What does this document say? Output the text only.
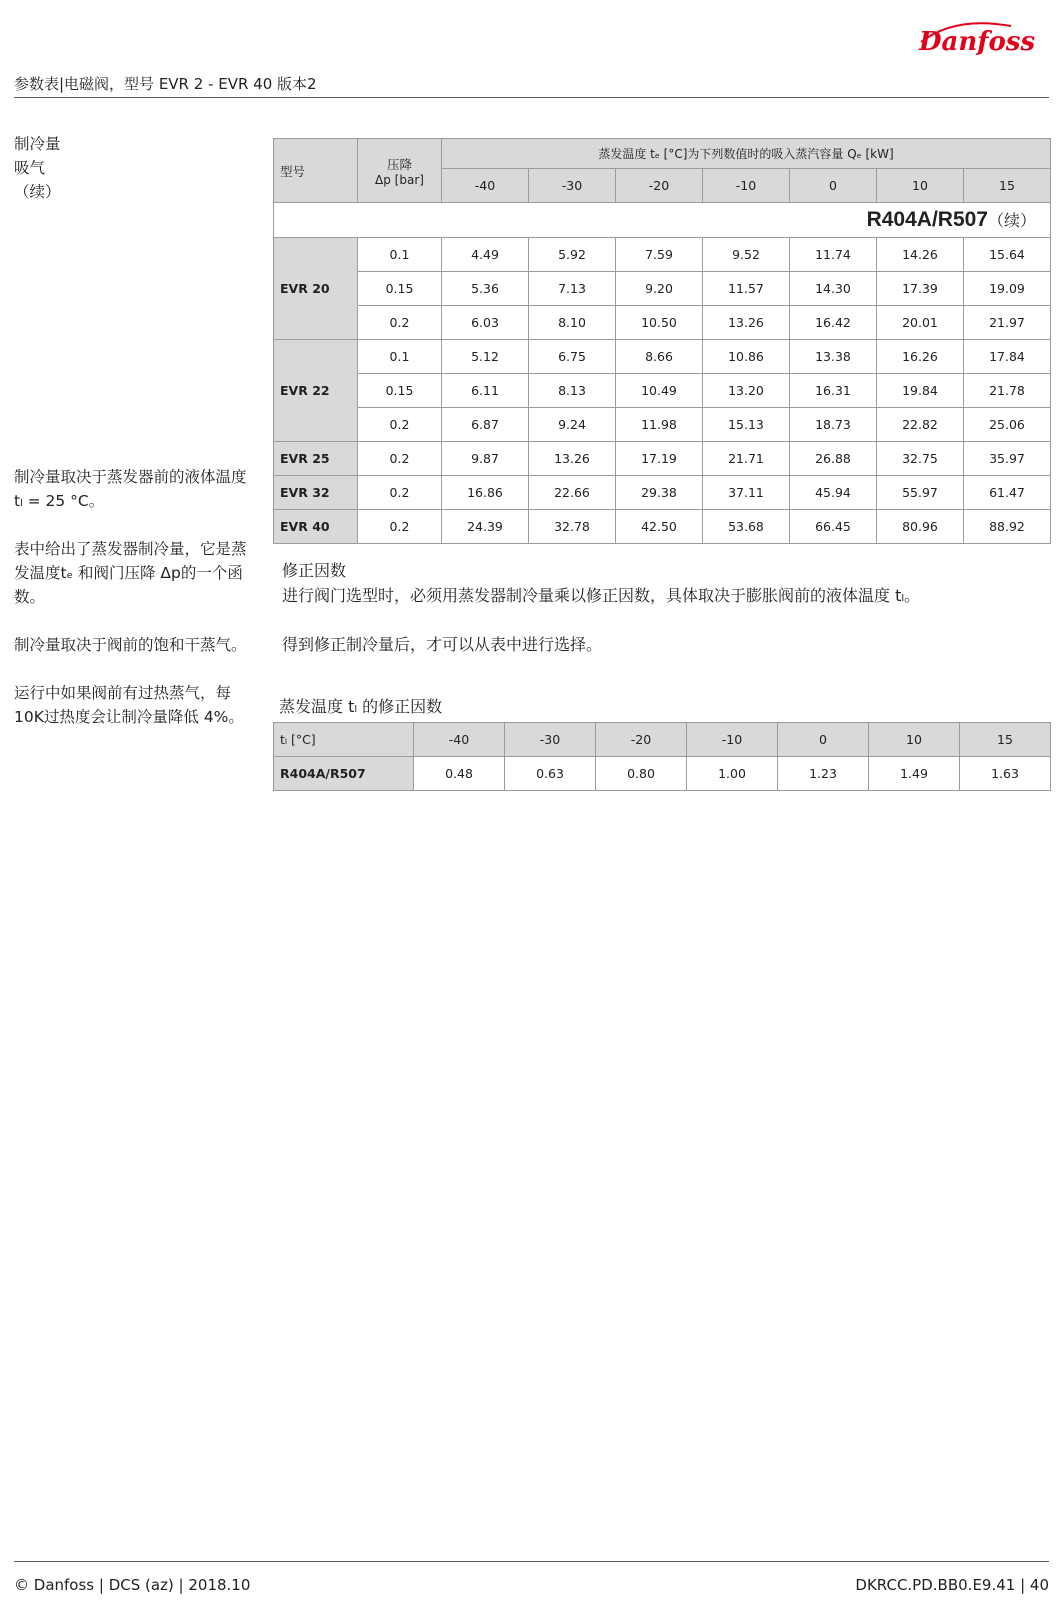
Danfoss
参数表|电磁阀，型号 EVR 2 - EVR 40 版本2

制冷量

吸气

（续）

制冷量取决于蒸发器前的液体温度 tₗ = 25 °C。

表中给出了蒸发器制冷量，它是蒸发温度tₑ 和阀门压降 Δp的一个函数。

制冷量取决于阀前的饱和干蒸气。

运行中如果阀前有过热蒸气，每10K过热度会让制冷量降低 4%。

型号	压降
Δp [bar]	蒸发温度 tₑ [°C]为下列数值时的吸入蒸汽容量 Qₑ [kW]						
		-40	-30	-20	-10	0	10	15
R404A/R507（续）								
EVR 20	0.1	4.49	5.92	7.59	9.52	11.74	14.26	15.64
	0.15	5.36	7.13	9.20	11.57	14.30	17.39	19.09
	0.2	6.03	8.10	10.50	13.26	16.42	20.01	21.97
EVR 22	0.1	5.12	6.75	8.66	10.86	13.38	16.26	17.84
	0.15	6.11	8.13	10.49	13.20	16.31	19.84	21.78
	0.2	6.87	9.24	11.98	15.13	18.73	22.82	25.06
EVR 25	0.2	9.87	13.26	17.19	21.71	26.88	32.75	35.97
EVR 32	0.2	16.86	22.66	29.38	37.11	45.94	55.97	61.47
EVR 40	0.2	24.39	32.78	42.50	53.68	66.45	80.96	88.92
修正因数
进行阀门选型时，必须用蒸发器制冷量乘以修正因数，具体取决于膨胀阀前的液体温度 tₗ。
得到修正制冷量后，才可以从表中进行选择。
蒸发温度 tₗ 的修正因数
tₗ [°C]	-40	-30	-20	-10	0	10	15
R404A/R507	0.48	0.63	0.80	1.00	1.23	1.49	1.63
© Danfoss | DCS (az) | 2018.10	DKRCC.PD.BB0.E9.41 | 40
